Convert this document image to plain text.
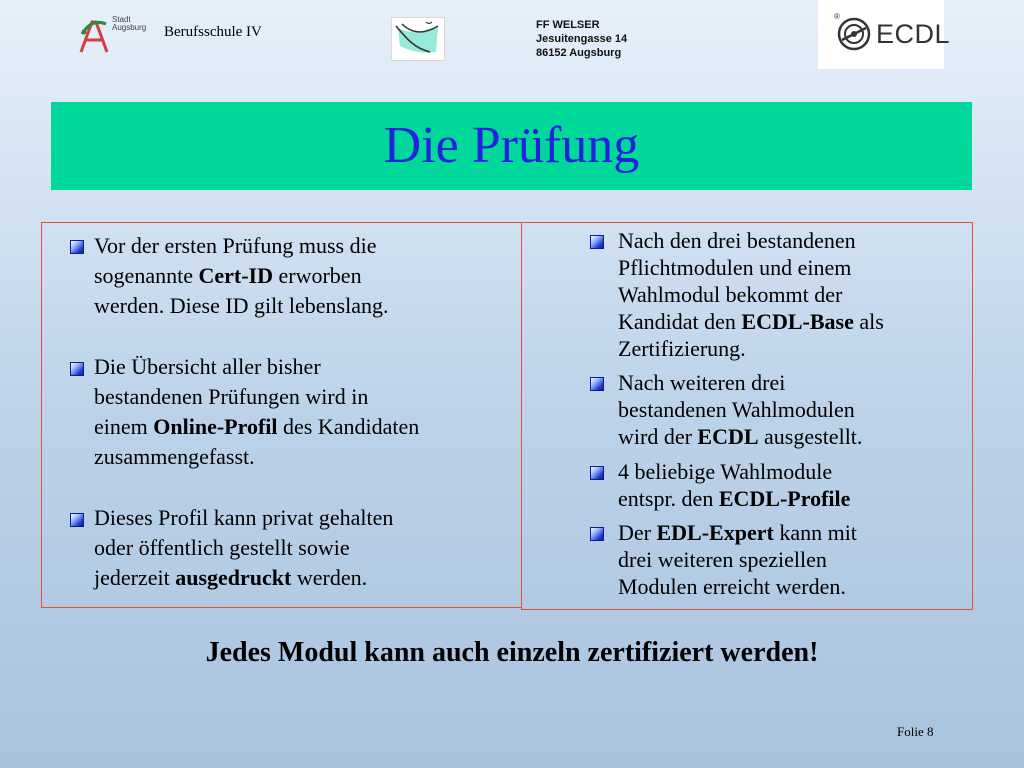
Stadt Augsburg	Berufsschule IV	FF WELSER
Jesuitengasse 14
86152 Augsburg
®
ECDL
Die Prüfung
Vor der ersten Prüfung muss die
sogenannte Cert-ID erworben
werden. Diese ID gilt lebenslang.
Die Übersicht aller bisher
bestandenen Prüfungen wird in
einem Online-Profil des Kandidaten
zusammengefasst.
Dieses Profil kann privat gehalten
oder öffentlich gestellt sowie
jederzeit ausgedruckt werden.
Nach den drei bestandenen
Pflichtmodulen und einem
Wahlmodul bekommt der
Kandidat den ECDL-Base als
Zertifizierung.
Nach weiteren drei
bestandenen Wahlmodulen
wird der ECDL ausgestellt.
4 beliebige Wahlmodule
entspr. den ECDL-Profile
Der EDL-Expert kann mit
drei weiteren speziellen
Modulen erreicht werden.
Jedes Modul kann auch einzeln zertifiziert werden!
Folie 8
